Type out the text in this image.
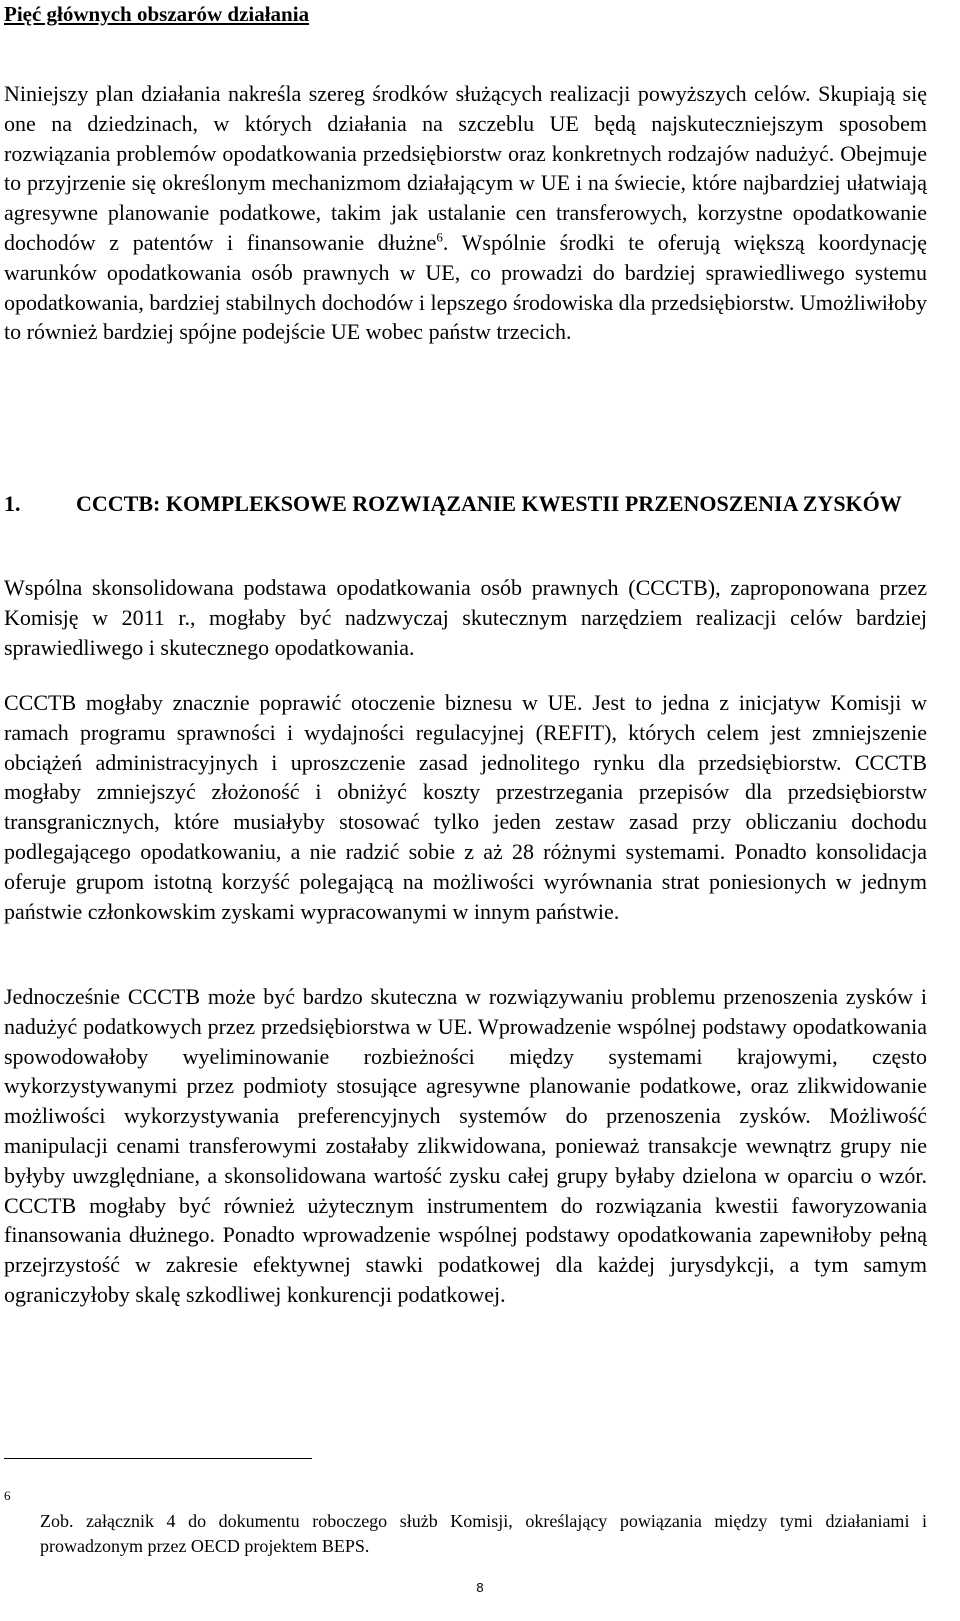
Pięć głównych obszarów działania

Niniejszy plan działania nakreśla szereg środków służących realizacji powyższych celów. Skupiają się one na dziedzinach, w których działania na szczeblu UE będą najskuteczniejszym sposobem rozwiązania problemów opodatkowania przedsiębiorstw oraz konkretnych rodzajów nadużyć. Obejmuje to przyjrzenie się określonym mechanizmom działającym w UE i na świecie, które najbardziej ułatwiają agresywne planowanie podatkowe, takim jak ustalanie cen transferowych, korzystne opodatkowanie dochodów z patentów i finansowanie dłużne$^6$. Wspólnie środki te oferują większą koordynację warunków opodatkowania osób prawnych w UE, co prowadzi do bardziej sprawiedliwego systemu opodatkowania, bardziej stabilnych dochodów i lepszego środowiska dla przedsiębiorstw. Umożliwiłoby to również bardziej spójne podejście UE wobec państw trzecich.

1.	CCCTB: KOMPLEKSOWE ROZWIĄZANIE KWESTII PRZENOSZENIA ZYSKÓW

Wspólna skonsolidowana podstawa opodatkowania osób prawnych (CCCTB), zaproponowana przez Komisję w 2011 r., mogłaby być nadzwyczaj skutecznym narzędziem realizacji celów bardziej sprawiedliwego i skutecznego opodatkowania.

CCCTB mogłaby znacznie poprawić otoczenie biznesu w UE. Jest to jedna z inicjatyw Komisji w ramach programu sprawności i wydajności regulacyjnej (REFIT), których celem jest zmniejszenie obciążeń administracyjnych i uproszczenie zasad jednolitego rynku dla przedsiębiorstw. CCCTB mogłaby zmniejszyć złożoność i obniżyć koszty przestrzegania przepisów dla przedsiębiorstw transgranicznych, które musiałyby stosować tylko jeden zestaw zasad przy obliczaniu dochodu podlegającego opodatkowaniu, a nie radzić sobie z aż 28 różnymi systemami. Ponadto konsolidacja oferuje grupom istotną korzyść polegającą na możliwości wyrównania strat poniesionych w jednym państwie członkowskim zyskami wypracowanymi w innym państwie.

Jednocześnie CCCTB może być bardzo skuteczna w rozwiązywaniu problemu przenoszenia zysków i nadużyć podatkowych przez przedsiębiorstwa w UE. Wprowadzenie wspólnej podstawy opodatkowania spowodowałoby wyeliminowanie rozbieżności między systemami krajowymi, często wykorzystywanymi przez podmioty stosujące agresywne planowanie podatkowe, oraz zlikwidowanie możliwości wykorzystywania preferencyjnych systemów do przenoszenia zysków. Możliwość manipulacji cenami transferowymi zostałaby zlikwidowana, ponieważ transakcje wewnątrz grupy nie byłyby uwzględniane, a skonsolidowana wartość zysku całej grupy byłaby dzielona w oparciu o wzór. CCCTB mogłaby być również użytecznym instrumentem do rozwiązania kwestii faworyzowania finansowania dłużnego. Ponadto wprowadzenie wspólnej podstawy opodatkowania zapewniłoby pełną przejrzystość w zakresie efektywnej stawki podatkowej dla każdej jurysdykcji, a tym samym ograniczyłoby skalę szkodliwej konkurencji podatkowej.

6

Zob. załącznik 4 do dokumentu roboczego służb Komisji, określający powiązania między tymi działaniami i prowadzonym przez OECD projektem BEPS.

8
